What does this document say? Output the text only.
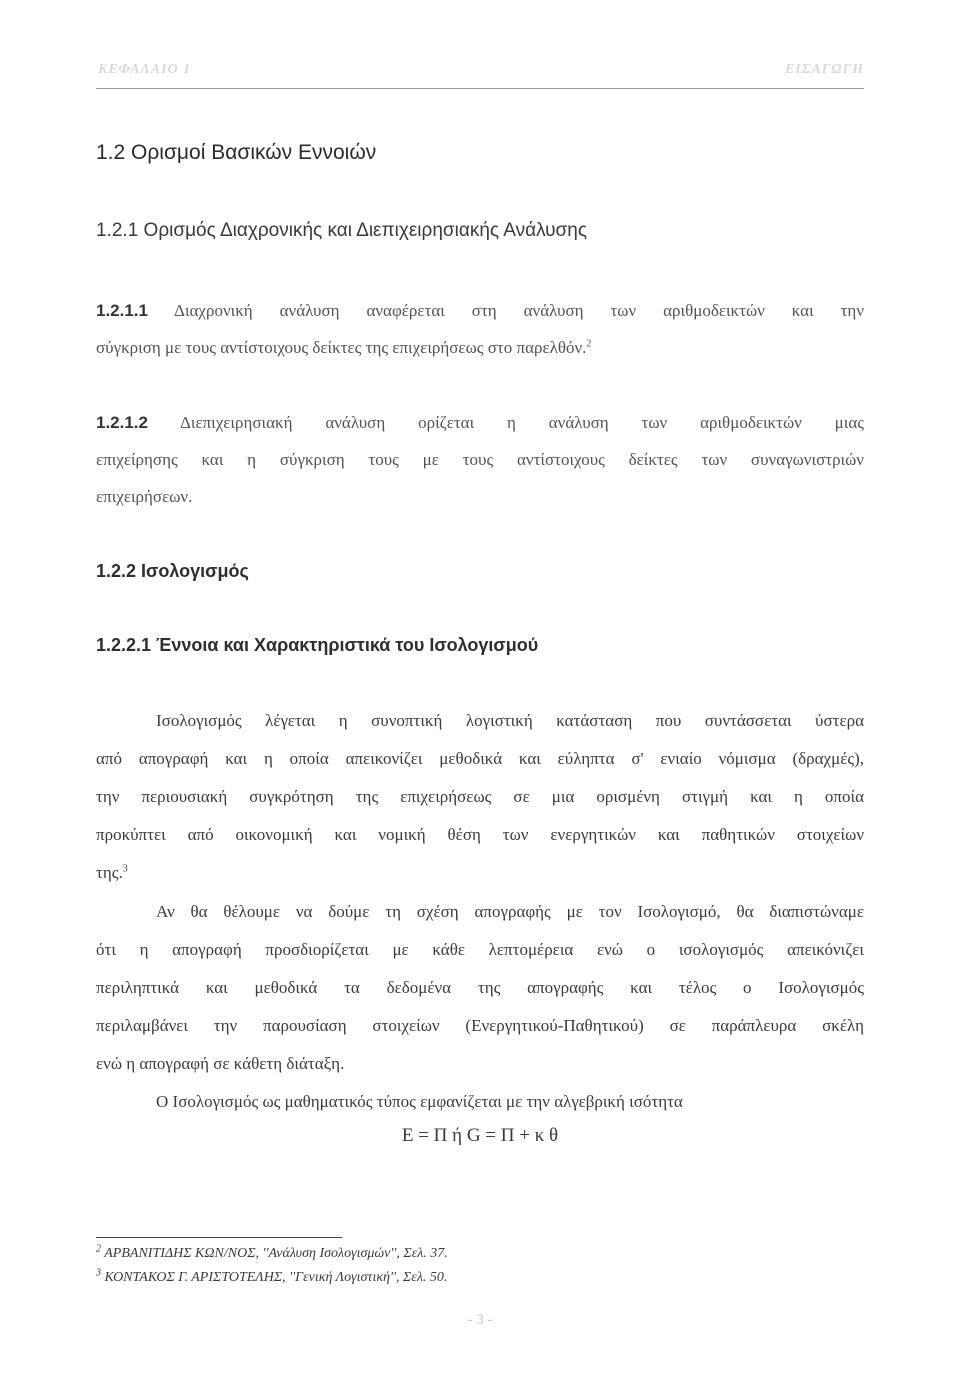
ΚΕΦΑΛΑΙΟ 1	ΕΙΣΑΓΩΓΗ
1.2 Ορισμοί Βασικών Εννοιών
1.2.1 Ορισμός Διαχρονικής και Διεπιχειρησιακής Ανάλυσης
1.2.1.1 Διαχρονική ανάλυση αναφέρεται στη ανάλυση των αριθμοδεικτών και την
σύγκριση με τους αντίστοιχους δείκτες της επιχειρήσεως στο παρελθόν.$^2$
1.2.1.2 Διεπιχειρησιακή ανάλυση ορίζεται η ανάλυση των αριθμοδεικτών μιας
επιχείρησης και η σύγκριση τους με τους αντίστοιχους δείκτες των συναγωνιστριών
επιχειρήσεων.
1.2.2 Ισολογισμός
1.2.2.1 Έννοια και Χαρακτηριστικά του Ισολογισμού
Ισολογισμός λέγεται η συνοπτική λογιστική κατάσταση που συντάσσεται ύστερα
από απογραφή και η οποία απεικονίζει μεθοδικά και εύληπτα σ' ενιαίο νόμισμα (δραχμές),
την περιουσιακή συγκρότηση της επιχειρήσεως σε μια ορισμένη στιγμή και η οποία
προκύπτει από οικονομική και νομική θέση των ενεργητικών και παθητικών στοιχείων
της.$^3$
Αν θα θέλουμε να δούμε τη σχέση απογραφής με τον Ισολογισμό, θα διαπιστώναμε
ότι η απογραφή προσδιορίζεται με κάθε λεπτομέρεια ενώ ο ισολογισμός απεικόνιζει
περιληπτικά και μεθοδικά τα δεδομένα της απογραφής και τέλος ο Ισολογισμός
περιλαμβάνει την παρουσίαση στοιχείων (Ενεργητικού-Παθητικού) σε παράπλευρα σκέλη
ενώ η απογραφή σε κάθετη διάταξη.
Ο Ισολογισμός ως μαθηματικός τύπος εμφανίζεται με την αλγεβρική ισότητα
Ε = Π ή G = Π + κ θ
$^2$ ΑΡΒΑΝΙΤΙΔΗΣ ΚΩΝ/ΝΟΣ, ''Ανάλυση Ισολογισμών'', Σελ. 37.
$^3$ ΚΟΝΤΑΚΟΣ Γ. ΑΡΙΣΤΟΤΕΛΗΣ, ''Γενική Λογιστική'', Σελ. 50.
- 3 -
